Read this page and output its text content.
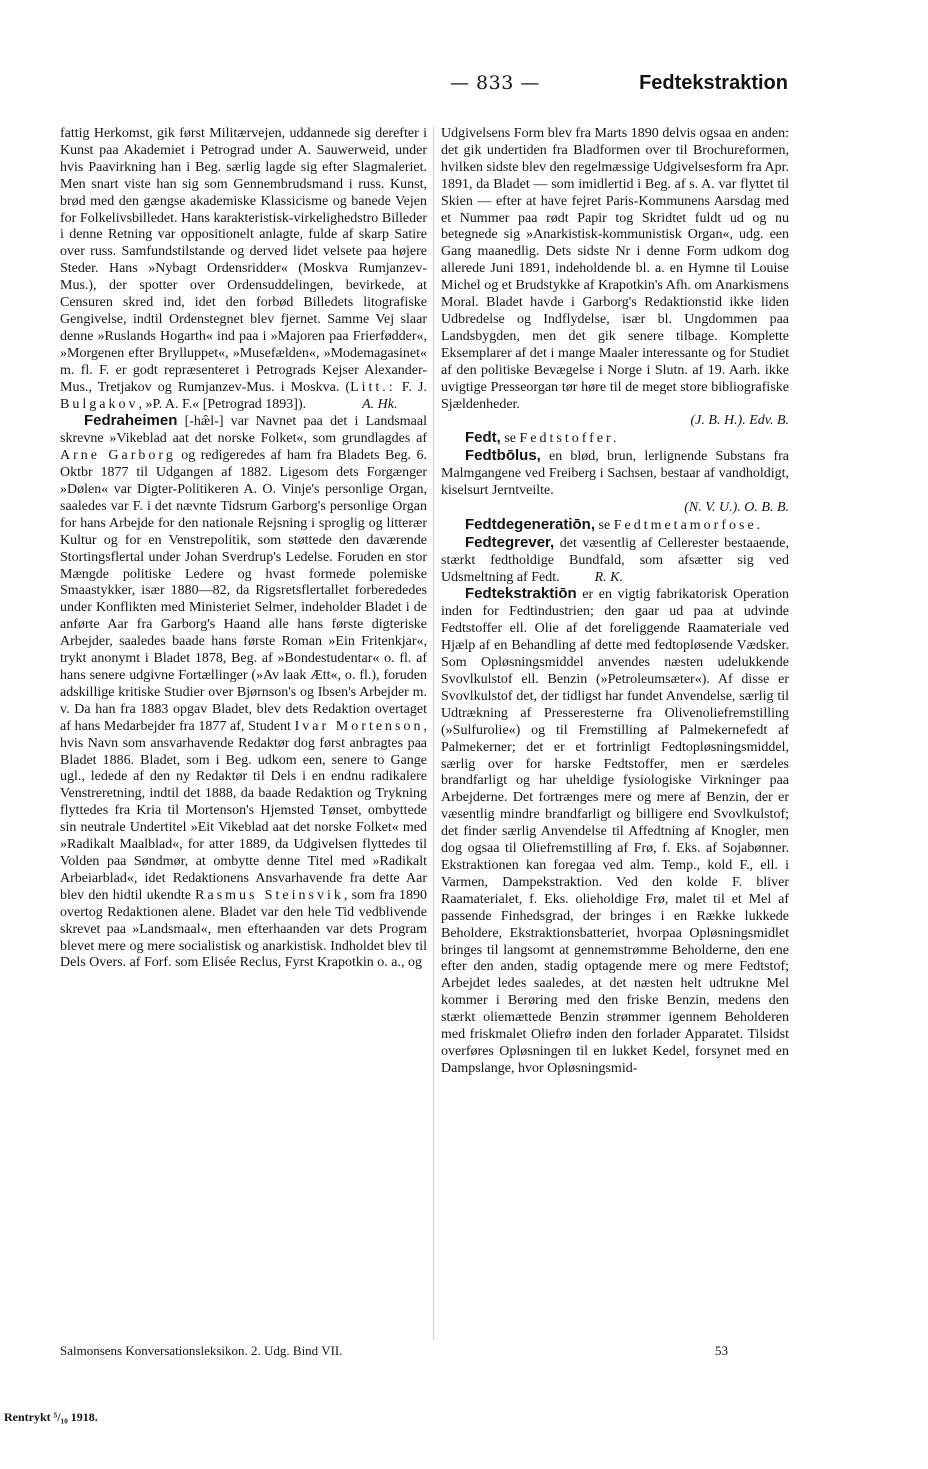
— 833 —	Fedtekstraktion

fattig Herkomst, gik først Militærvejen, uddannede sig derefter i Kunst paa Akademiet i Petrograd under A. Sauwerweid, under hvis Paavirkning han i Beg. særlig lagde sig efter Slagmaleriet. Men snart viste han sig som Gennembrudsmand i russ. Kunst, brød med den gængse akademiske Klassicisme og banede Vejen for Folkelivsbilledet. Hans karakteristisk-virkelighedstro Billeder i denne Retning var oppositionelt anlagte, fulde af skarp Satire over russ. Samfundstilstande og derved lidet velsete paa højere Steder. Hans »Nybagt Ordensridder« (Moskva Rumjanzev-Mus.), der spotter over Ordensuddelingen, bevirkede, at Censuren skred ind, idet den forbød Billedets litografiske Gengivelse, indtil Ordenstegnet blev fjernet. Samme Vej slaar denne »Ruslands Hogarth« ind paa i »Majoren paa Frierfødder«, »Morgenen efter Brylluppet«, »Musefælden«, »Modemagasinet« m. fl. F. er godt repræsenteret i Petrograds Kejser Alexander-Mus., Tretjakov og Rumjanzev-Mus. i Moskva. (Litt.: F. J. Bulgakov, »P. A. F.« [Petrograd 1893]).	A. Hk.

Fedraheimen [-hæ̂l-] var Navnet paa det i Landsmaal skrevne »Vikeblad aat det norske Folket«, som grundlagdes af Arne Garborg og redigeredes af ham fra Bladets Beg. 6. Oktbr 1877 til Udgangen af 1882. Ligesom dets Forgænger »Dølen« var Digter-Politikeren A. O. Vinje's personlige Organ, saaledes var F. i det nævnte Tidsrum Garborg's personlige Organ for hans Arbejde for den nationale Rejsning i sproglig og litterær Kultur og for en Venstrepolitik, som støttede den daværende Stortingsflertal under Johan Sverdrup's Ledelse. Foruden en stor Mængde politiske Ledere og hvast formede polemiske Smaastykker, især 1880—82, da Rigsretsflertallet forberededes under Konflikten med Ministeriet Selmer, indeholder Bladet i de anførte Aar fra Garborg's Haand alle hans første digteriske Arbejder, saaledes baade hans første Roman »Ein Fritenkjar«, trykt anonymt i Bladet 1878, Beg. af »Bondestudentar« o. fl. af hans senere udgivne Fortællinger (»Av laak Ætt«, o. fl.), foruden adskillige kritiske Studier over Bjørnson's og Ibsen's Arbejder m. v. Da han fra 1883 opgav Bladet, blev dets Redaktion overtaget af hans Medarbejder fra 1877 af, Student Ivar Mortenson, hvis Navn som ansvarhavende Redaktør dog først anbragtes paa Bladet 1886. Bladet, som i Beg. udkom een, senere to Gange ugl., ledede af den ny Redaktør til Dels i en endnu radikalere Venstreretning, indtil det 1888, da baade Redaktion og Trykning flyttedes fra Kria til Mortenson's Hjemsted Tønset, ombyttede sin neutrale Undertitel »Eit Vikeblad aat det norske Folket« med »Radikalt Maalblad«, for atter 1889, da Udgivelsen flyttedes til Volden paa Søndmør, at ombytte denne Titel med »Radikalt Arbeiarblad«, idet Redaktionens Ansvarhavende fra dette Aar blev den hidtil ukendte Rasmus Steinsvik, som fra 1890 overtog Redaktionen alene. Bladet var den hele Tid vedblivende skrevet paa »Landsmaal«, men efterhaanden var dets Program blevet mere og mere socialistisk og anarkistisk. Indholdet blev til Dels Overs. af Forf. som Elisée Reclus, Fyrst Krapotkin o. a., og

Udgivelsens Form blev fra Marts 1890 delvis ogsaa en anden: det gik undertiden fra Bladformen over til Brochureformen, hvilken sidste blev den regelmæssige Udgivelsesform fra Apr. 1891, da Bladet — som imidlertid i Beg. af s. A. var flyttet til Skien — efter at have fejret Paris-Kommunens Aarsdag med et Nummer paa rødt Papir tog Skridtet fuldt ud og nu betegnede sig »Anarkistisk-kommunistisk Organ«, udg. een Gang maanedlig. Dets sidste Nr i denne Form udkom dog allerede Juni 1891, indeholdende bl. a. en Hymne til Louise Michel og et Brudstykke af Krapotkin's Afh. om Anarkismens Moral. Bladet havde i Garborg's Redaktionstid ikke liden Udbredelse og Indflydelse, især bl. Ungdommen paa Landsbygden, men det gik senere tilbage. Komplette Eksemplarer af det i mange Maaler interessante og for Studiet af den politiske Bevægelse i Norge i Slutn. af 19. Aarh. ikke uvigtige Presseorgan tør høre til de meget store bibliografiske Sjældenheder.
(J. B. H.). Edv. B.

Fedt, se Fedtstoffer.

Fedtbōlus, en blød, brun, lerlignende Substans fra Malmgangene ved Freiberg i Sachsen, bestaar af vandholdigt, kiselsurt Jerntveilte.
(N. V. U.). O. B. B.

Fedtdegeneratiōn, se Fedtmetamorfose.

Fedtegrever, det væsentlig af Cellerester bestaaende, stærkt fedtholdige Bundfald, som afsætter sig ved Udsmeltning af Fedt.	R. K.

Fedtekstraktiōn er en vigtig fabrikatorisk Operation inden for Fedtindustrien; den gaar ud paa at udvinde Fedtstoffer ell. Olie af det foreliggende Raamateriale ved Hjælp af en Behandling af dette med fedtopløsende Vædsker. Som Opløsningsmiddel anvendes næsten udelukkende Svovlkulstof ell. Benzin (»Petroleumsæter«). Af disse er Svovlkulstof det, der tidligst har fundet Anvendelse, særlig til Udtrækning af Presseresterne fra Olivenoliefremstilling (»Sulfurolie«) og til Fremstilling af Palmekernefedt af Palmekerner; det er et fortrinligt Fedtopløsningsmiddel, særlig over for harske Fedtstoffer, men er særdeles brandfarligt og har uheldige fysiologiske Virkninger paa Arbejderne. Det fortrænges mere og mere af Benzin, der er væsentlig mindre brandfarligt og billigere end Svovlkulstof; det finder særlig Anvendelse til Affedtning af Knogler, men dog ogsaa til Oliefremstilling af Frø, f. Eks. af Sojabønner. Ekstraktionen kan foregaa ved alm. Temp., kold F., ell. i Varmen, Dampekstraktion. Ved den kolde F. bliver Raamaterialet, f. Eks. olieholdige Frø, malet til et Mel af passende Finhedsgrad, der bringes i en Række lukkede Beholdere, Ekstraktionsbatteriet, hvorpaa Opløsningsmidlet bringes til langsomt at gennemstrømme Beholderne, den ene efter den anden, stadig optagende mere og mere Fedtstof; Arbejdet ledes saaledes, at det næsten helt udtrukne Mel kommer i Berøring med den friske Benzin, medens den stærkt oliemættede Benzin strømmer igennem Beholderen med friskmalet Oliefrø inden den forlader Apparatet. Tilsidst overføres Opløsningen til en lukket Kedel, forsynet med en Dampslange, hvor Opløsningsmid-

Salmonsens Konversationsleksikon. 2. Udg. Bind VII.	53
Rentrykt ⁵/₁₀ 1918.
